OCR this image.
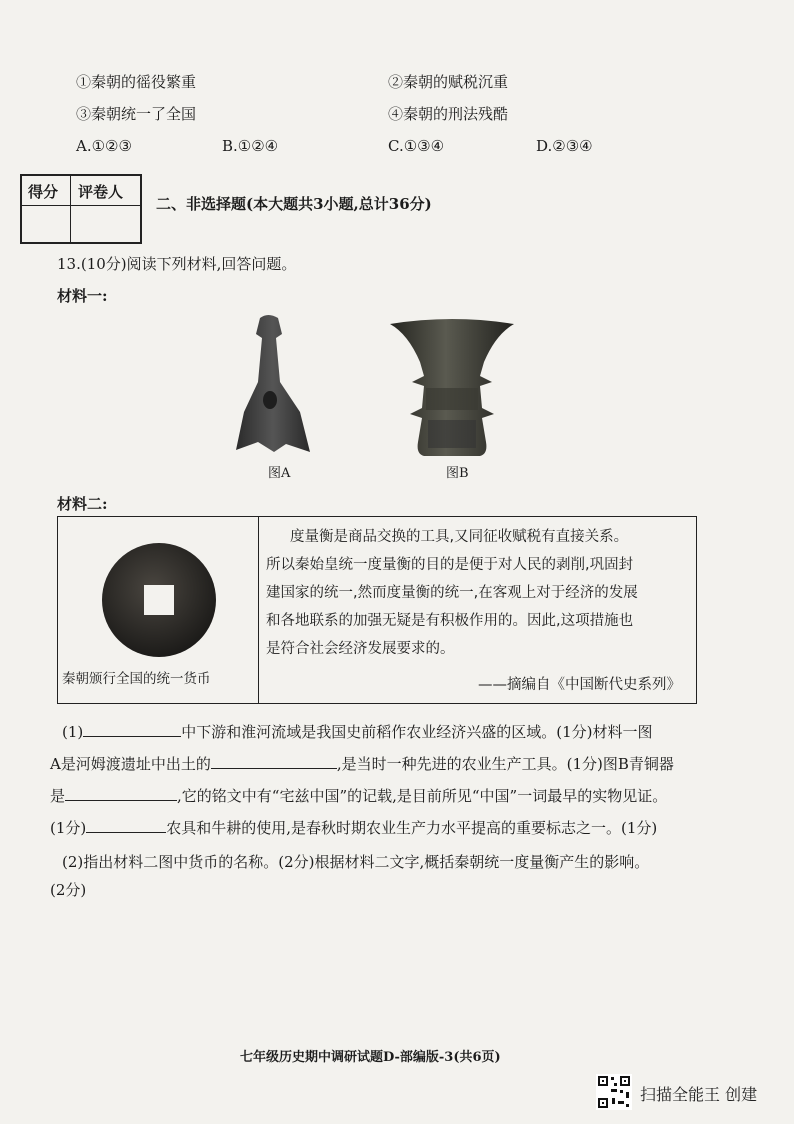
①秦朝的徭役繁重	②秦朝的赋税沉重
③秦朝统一了全国	④秦朝的刑法残酷
A.①②③	B.①②④	C.①③④	D.②③④
得分 评卷人
二、非选择题(本大题共3小题,总计36分)
13.(10分)阅读下列材料,回答问题。
材料一:
图A	图B
材料二:
秦朝颁行全国的统一货币
度量衡是商品交换的工具,又同征收赋税有直接关系。
所以秦始皇统一度量衡的目的是便于对人民的剥削,巩固封
建国家的统一,然而度量衡的统一,在客观上对于经济的发展
和各地联系的加强无疑是有积极作用的。因此,这项措施也
是符合社会经济发展要求的。
——摘编自《中国断代史系列》
(1)	中下游和淮河流域是我国史前稻作农业经济兴盛的区域。(1分)材料一图
A是河姆渡遗址中出土的	,是当时一种先进的农业生产工具。(1分)图B青铜器
是	,它的铭文中有“宅兹中国”的记载,是目前所见“中国”一词最早的实物见证。
(1分)	农具和牛耕的使用,是春秋时期农业生产力水平提高的重要标志之一。(1分)
(2)指出材料二图中货币的名称。(2分)根据材料二文字,概括秦朝统一度量衡产生的影响。
(2分)
七年级历史期中调研试题D-部编版-3(共6页)
扫描全能王 创建
